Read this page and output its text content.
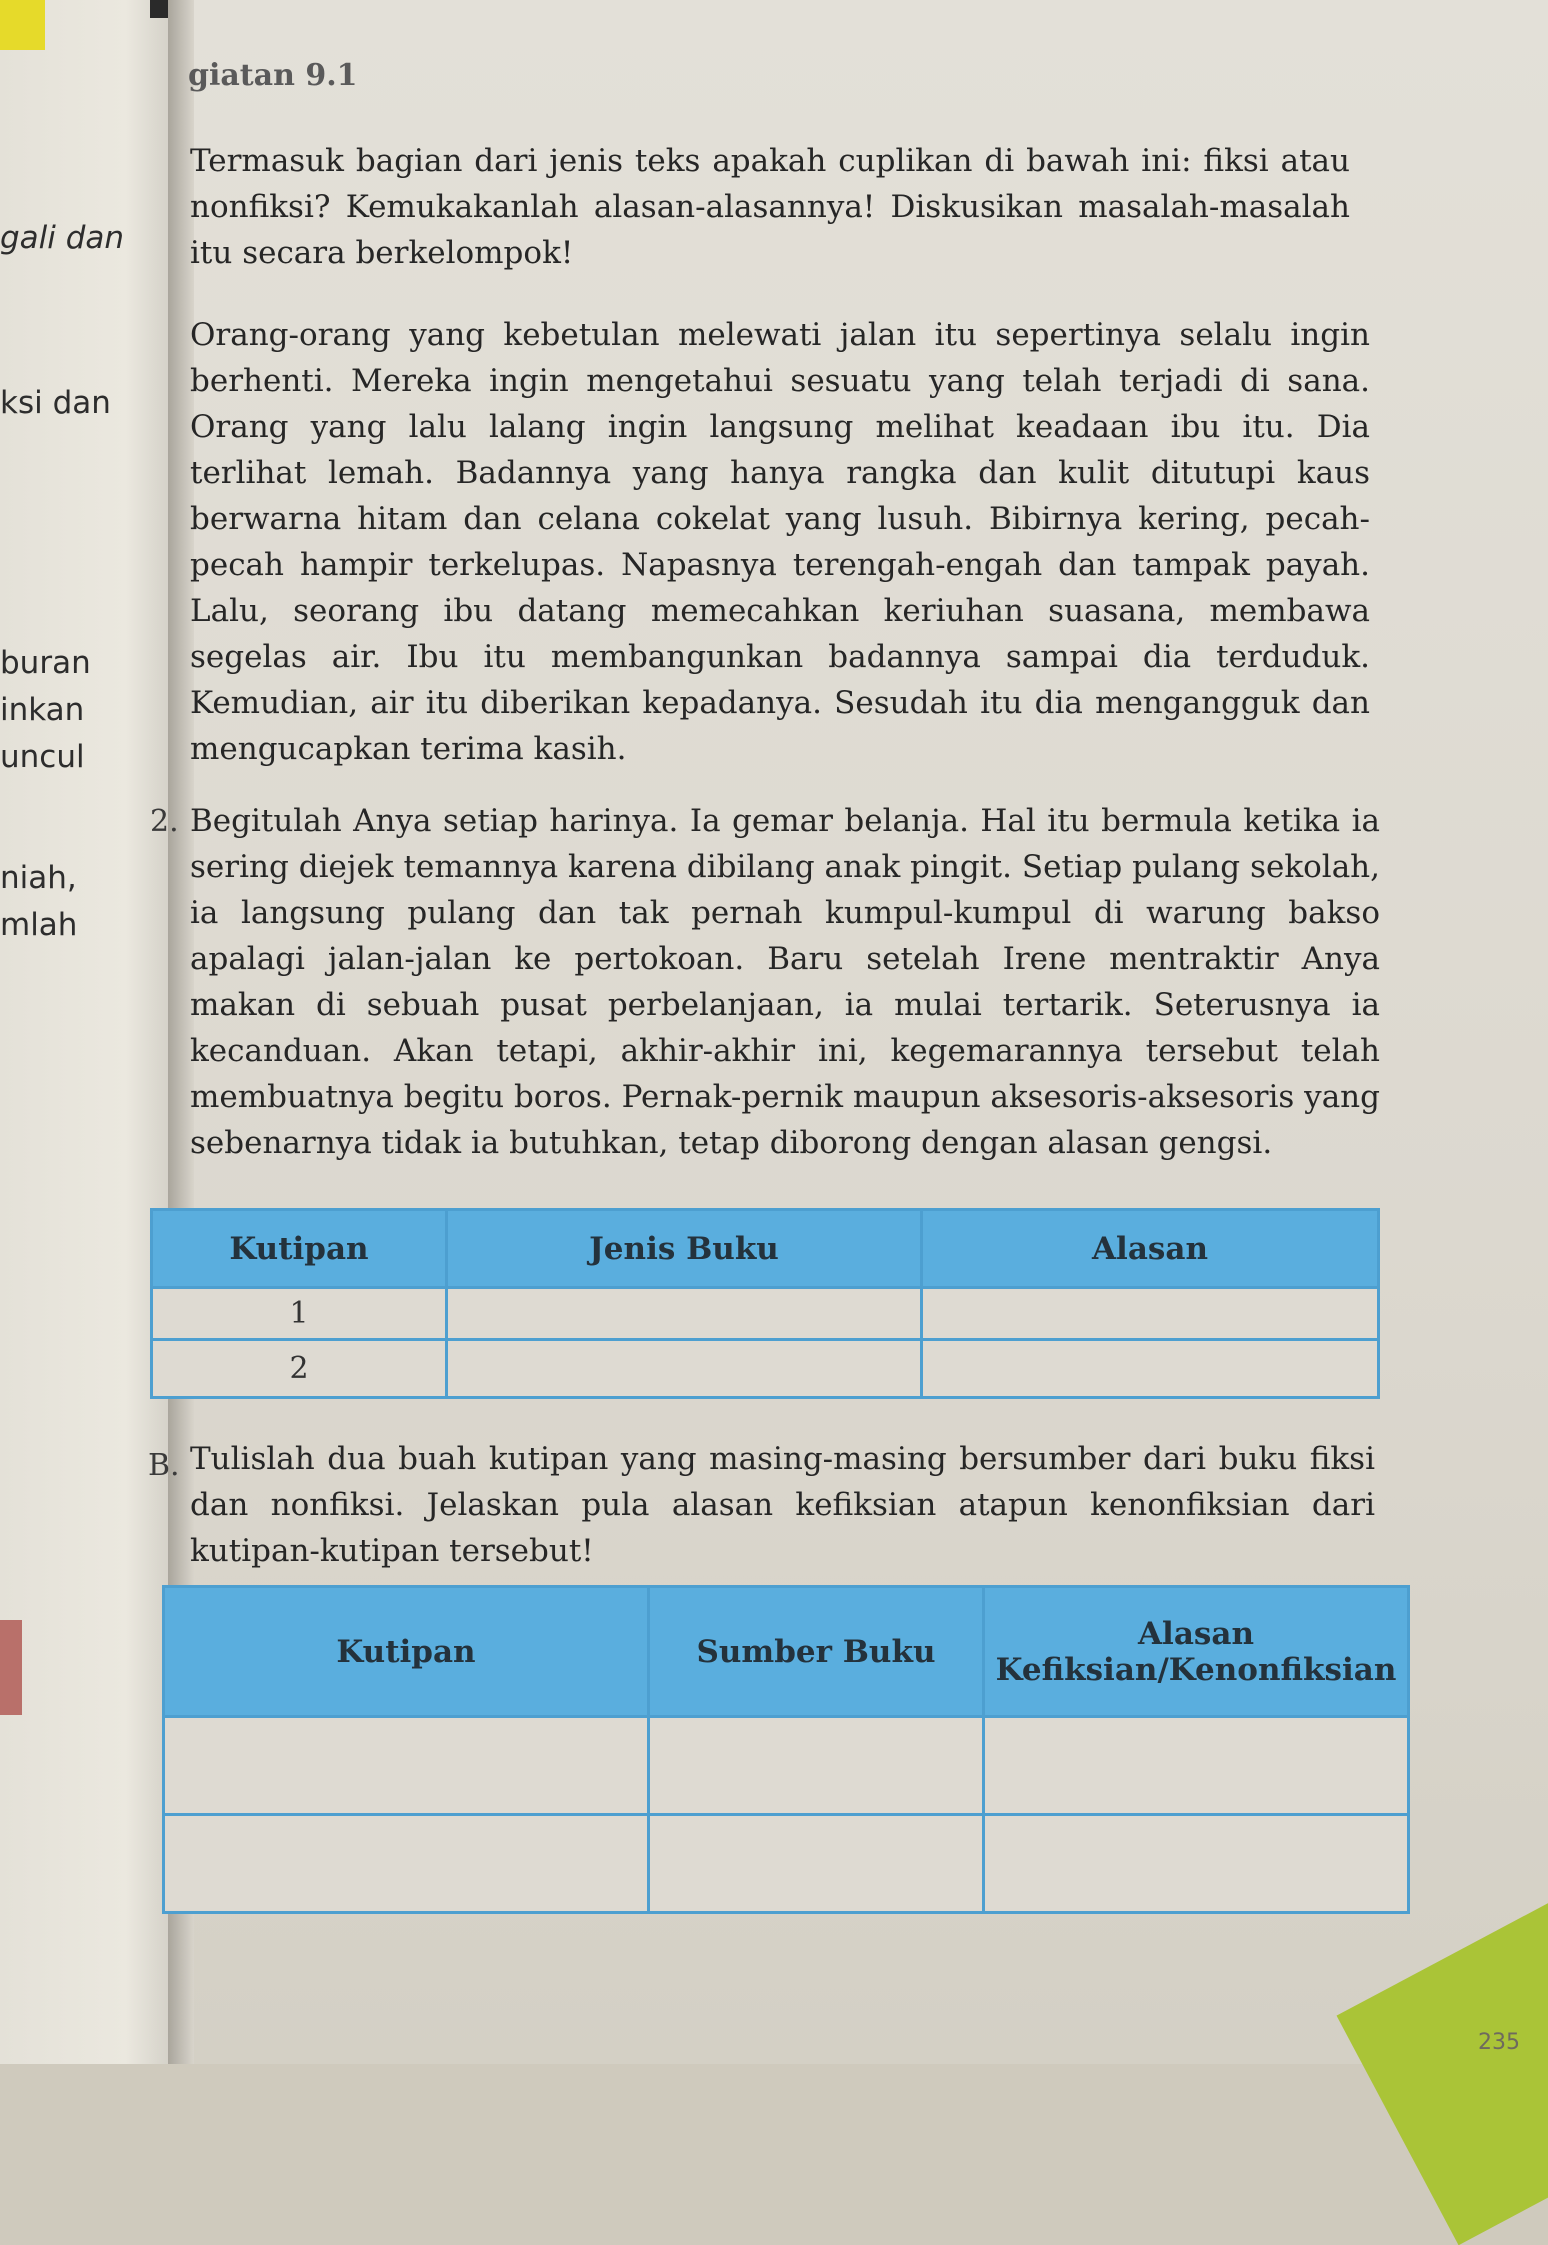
gali dan
ksi dan
buran
inkan
uncul
niah,
mlah
giatan 9.1
Termasuk bagian dari jenis teks apakah cuplikan di bawah ini: fiksi atau nonfiksi? Kemukakanlah alasan-alasannya! Diskusikan masalah-masalah itu secara berkelompok!
Orang-orang yang kebetulan melewati jalan itu sepertinya selalu ingin berhenti. Mereka ingin mengetahui sesuatu yang telah terjadi di sana. Orang yang lalu lalang ingin langsung melihat keadaan ibu itu. Dia terlihat lemah. Badannya yang hanya rangka dan kulit ditutupi kaus berwarna hitam dan celana cokelat yang lusuh. Bibirnya kering, pecah-pecah hampir terkelupas. Napasnya terengah-engah dan tampak payah. Lalu, seorang ibu datang memecahkan keriuhan suasana, membawa segelas air. Ibu itu membangunkan badannya sampai dia terduduk. Kemudian, air itu diberikan kepadanya. Sesudah itu dia mengangguk dan mengucapkan terima kasih.
2. Begitulah Anya setiap harinya. Ia gemar belanja. Hal itu bermula ketika ia sering diejek temannya karena dibilang anak pingit. Setiap pulang sekolah, ia langsung pulang dan tak pernah kumpul-kumpul di warung bakso apalagi jalan-jalan ke pertokoan. Baru setelah Irene mentraktir Anya makan di sebuah pusat perbelanjaan, ia mulai tertarik. Seterusnya ia kecanduan. Akan tetapi, akhir-akhir ini, kegemarannya tersebut telah membuatnya begitu boros. Pernak-pernik maupun aksesoris-aksesoris yang sebenarnya tidak ia butuhkan, tetap diborong dengan alasan gengsi.
Kutipan	Jenis Buku	Alasan
1		
2		
B. Tulislah dua buah kutipan yang masing-masing bersumber dari buku fiksi dan nonfiksi. Jelaskan pula alasan kefiksian atapun kenonfiksian dari kutipan-kutipan tersebut!
Kutipan	Sumber Buku	Alasan Kefiksian/Kenonfiksian

235
